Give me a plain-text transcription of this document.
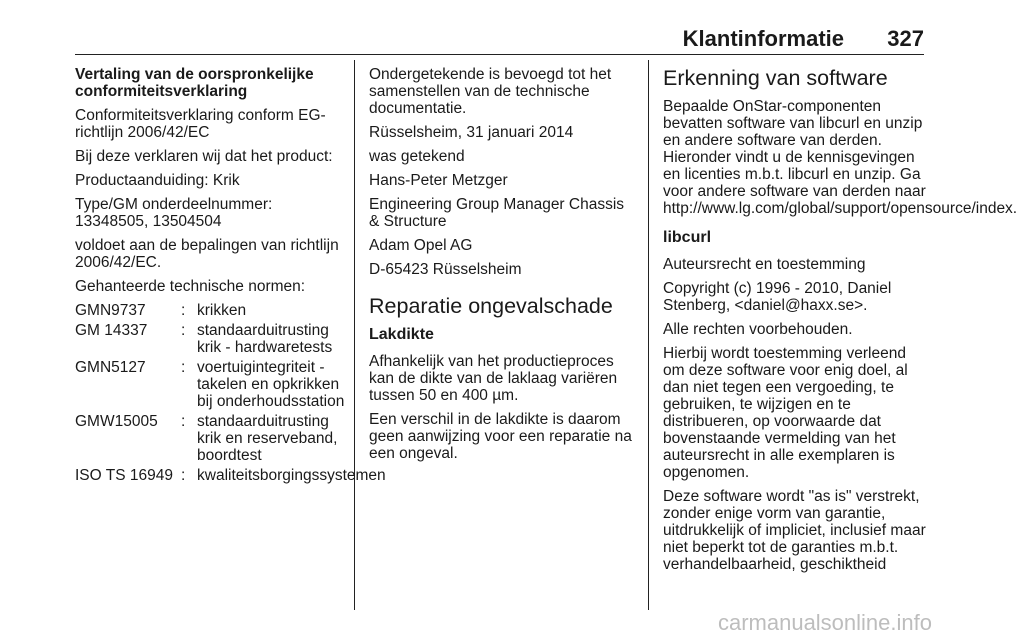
Klantinformatie 327

Vertaling van de oorspronkelijke conformiteitsverklaring

Conformiteitsverklaring conform EG-richtlijn 2006/42/EC

Bij deze verklaren wij dat het product:

Productaanduiding: Krik

Type/GM onderdeelnummer: 13348505, 13504504

voldoet aan de bepalingen van richtlijn 2006/42/EC.

Gehanteerde technische normen:

GMN9737	: krikken
GM 14337	: standaarduitrusting krik - hardwaretests
GMN5127	: voertuigintegriteit - takelen en opkrikken bij onderhoudsstation
GMW15005	: standaarduitrusting krik en reserveband, boordtest
ISO TS 16949 : kwaliteitsborgingssystemen

Ondergetekende is bevoegd tot het samenstellen van de technische documentatie.

Rüsselsheim, 31 januari 2014

was getekend

Hans-Peter Metzger

Engineering Group Manager Chassis & Structure

Adam Opel AG

D-65423 Rüsselsheim

Reparatie ongevalschade
Lakdikte

Afhankelijk van het productieproces kan de dikte van de laklaag variëren tussen 50 en 400 µm.

Een verschil in de lakdikte is daarom geen aanwijzing voor een reparatie na een ongeval.

Erkenning van software

Bepaalde OnStar-componenten bevatten software van libcurl en unzip en andere software van derden. Hieronder vindt u de kennisgevingen en licenties m.b.t. libcurl en unzip. Ga voor andere software van derden naar http://www.lg.com/global/support/opensource/index.

libcurl

Auteursrecht en toestemming

Copyright (c) 1996 - 2010, Daniel Stenberg, <daniel@haxx.se>.

Alle rechten voorbehouden.

Hierbij wordt toestemming verleend om deze software voor enig doel, al dan niet tegen een vergoeding, te gebruiken, te wijzigen en te distribueren, op voorwaarde dat bovenstaande vermelding van het auteursrecht in alle exemplaren is opgenomen.

Deze software wordt "as is" verstrekt, zonder enige vorm van garantie, uitdrukkelijk of impliciet, inclusief maar niet beperkt tot de garanties m.b.t. verhandelbaarheid, geschiktheid

carmanualsonline.info
